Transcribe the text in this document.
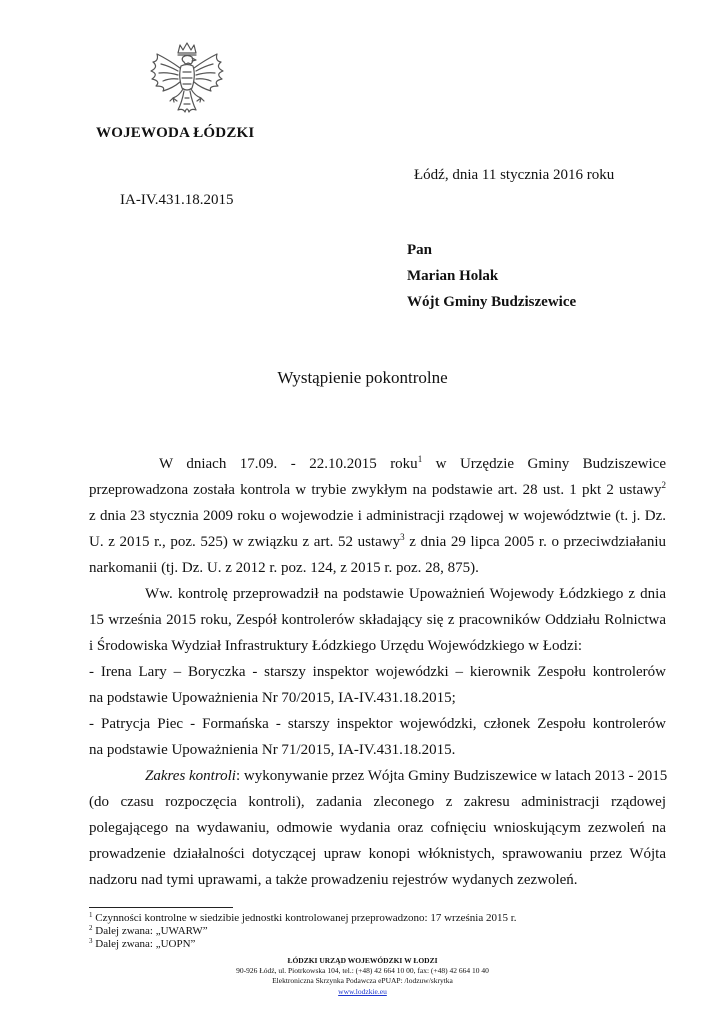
WOJEWODA ŁÓDZKI
Łódź, dnia 11 stycznia 2016 roku
IA-IV.431.18.2015
Pan
Marian Holak
Wójt Gminy Budziszewice
Wystąpienie pokontrolne
W dniach 17.09. - 22.10.2015 roku$^1$ w Urzędzie Gminy Budziszewice
przeprowadzona została kontrola w trybie zwykłym na podstawie art. 28 ust. 1 pkt 2 ustawy$^2$
z dnia 23 stycznia 2009 roku o wojewodzie i administracji rządowej w województwie (t. j. Dz.
U. z 2015 r., poz. 525) w związku z art. 52 ustawy$^3$ z dnia 29 lipca 2005 r. o przeciwdziałaniu
narkomanii (tj. Dz. U. z 2012 r. poz. 124, z 2015 r. poz. 28, 875).
Ww. kontrolę przeprowadził na podstawie Upoważnień Wojewody Łódzkiego z dnia
15 września 2015 roku, Zespół kontrolerów składający się z pracowników Oddziału Rolnictwa
i Środowiska Wydział Infrastruktury Łódzkiego Urzędu Wojewódzkiego w Łodzi:
- Irena Lary – Boryczka - starszy inspektor wojewódzki – kierownik Zespołu kontrolerów
na podstawie Upoważnienia Nr 70/2015, IA-IV.431.18.2015;
- Patrycja Piec - Formańska - starszy inspektor wojewódzki, członek Zespołu kontrolerów
na podstawie Upoważnienia Nr 71/2015, IA-IV.431.18.2015.
Zakres kontroli: wykonywanie przez Wójta Gminy Budziszewice w latach 2013 - 2015
(do czasu rozpoczęcia kontroli), zadania zleconego z zakresu administracji rządowej
polegającego na wydawaniu, odmowie wydania oraz cofnięciu wnioskującym zezwoleń na
prowadzenie działalności dotyczącej upraw konopi włóknistych, sprawowaniu przez Wójta
nadzoru nad tymi uprawami, a także prowadzeniu rejestrów wydanych zezwoleń.
$^1$ Czynności kontrolne w siedzibie jednostki kontrolowanej przeprowadzono: 17 września 2015 r.
$^2$ Dalej zwana: „UWARW”
$^3$ Dalej zwana: „UOPN”
ŁÓDZKI URZĄD WOJEWÓDZKI W ŁODZI
90-926 Łódź, ul. Piotrkowska 104, tel.: (+48) 42 664 10 00, fax: (+48) 42 664 10 40
Elektroniczna Skrzynka Podawcza ePUAP: /lodzuw/skrytka
www.lodzkie.eu
